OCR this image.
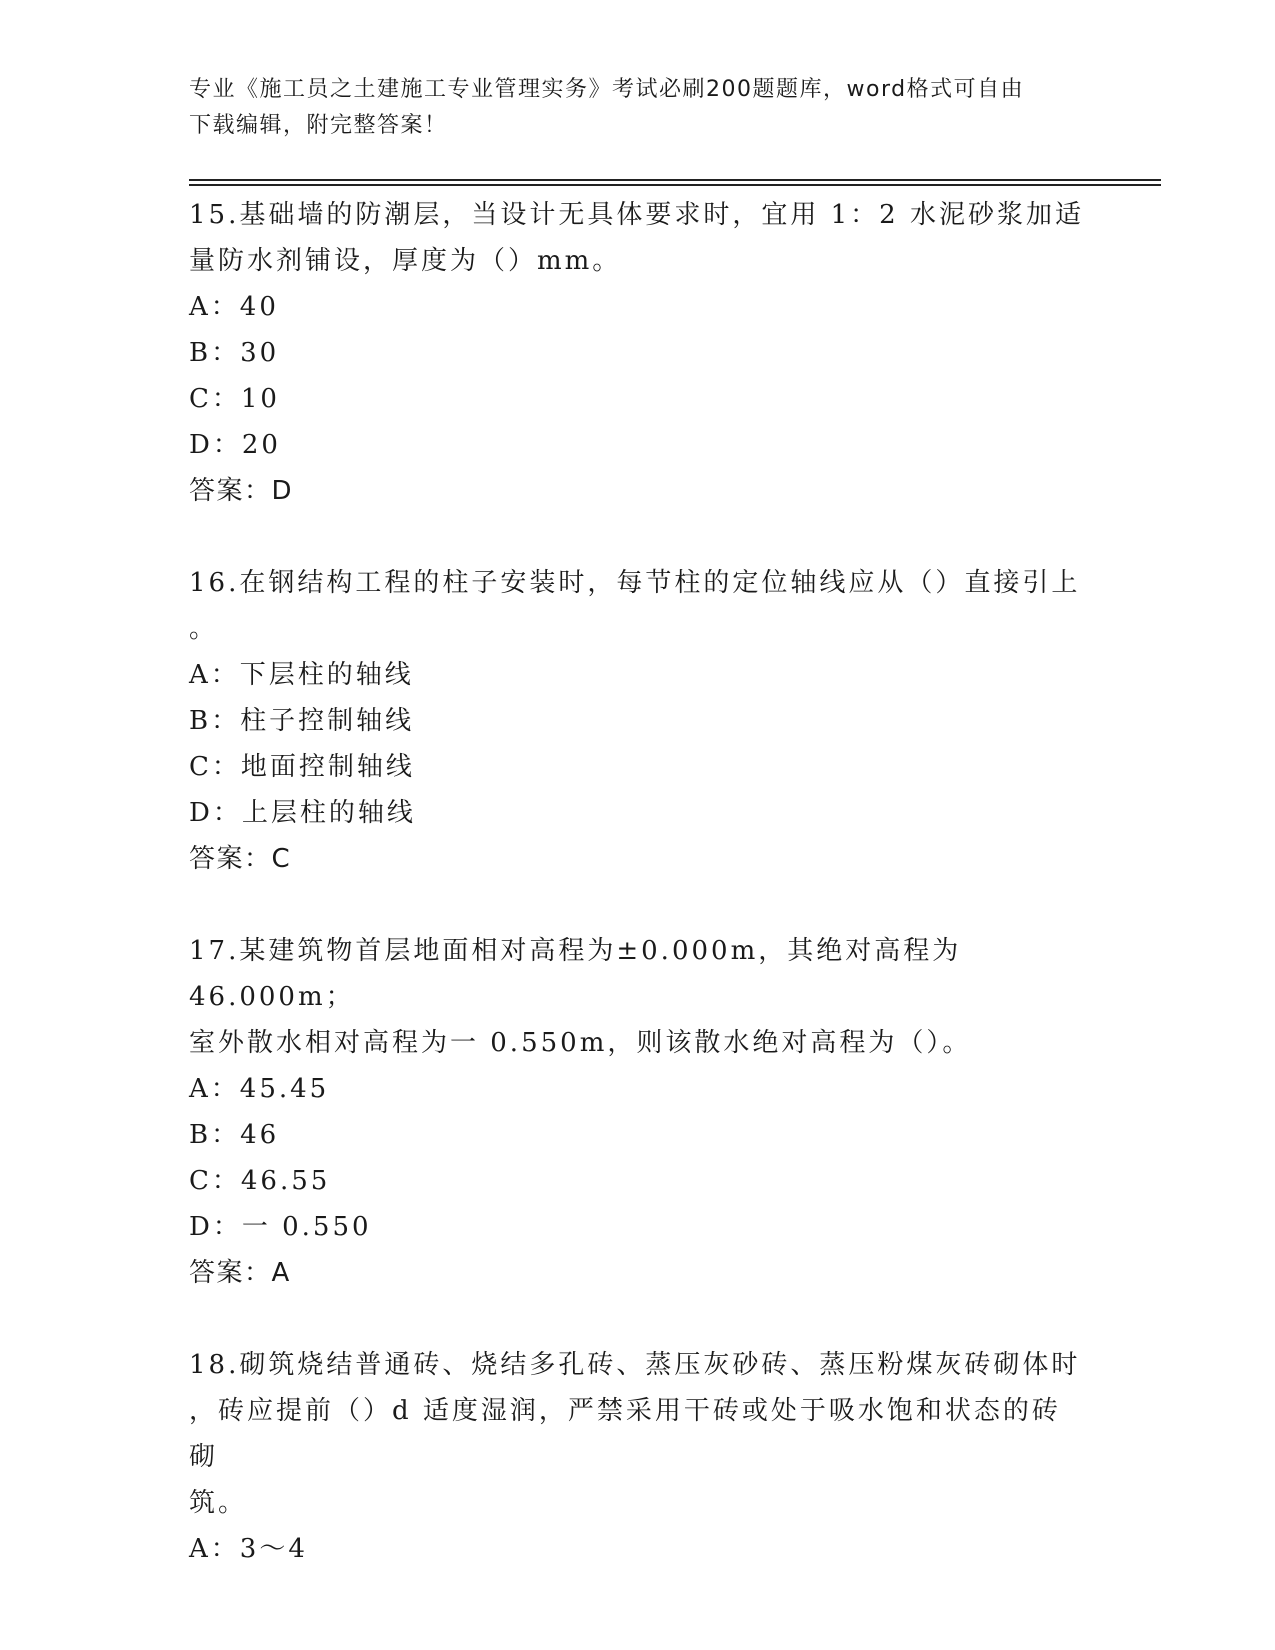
专业《施工员之土建施工专业管理实务》考试必刷200题题库，word格式可自由
下载编辑，附完整答案！

15.基础墙的防潮层，当设计无具体要求时，宜用 1：2 水泥砂浆加适

量防水剂铺设，厚度为（）mm。

A：40

B：30

C：10

D：20

答案：D

16.在钢结构工程的柱子安装时，每节柱的定位轴线应从（）直接引上

。

A：下层柱的轴线

B：柱子控制轴线

C：地面控制轴线

D：上层柱的轴线

答案：C

17.某建筑物首层地面相对高程为±0.000m，其绝对高程为 46.000m；

室外散水相对高程为一 0.550m，则该散水绝对高程为（）。

A：45.45

B：46

C：46.55

D：一 0.550

答案：A

18.砌筑烧结普通砖、烧结多孔砖、蒸压灰砂砖、蒸压粉煤灰砖砌体时

，砖应提前（）d 适度湿润，严禁采用干砖或处于吸水饱和状态的砖砌

筑。

A：3～4
